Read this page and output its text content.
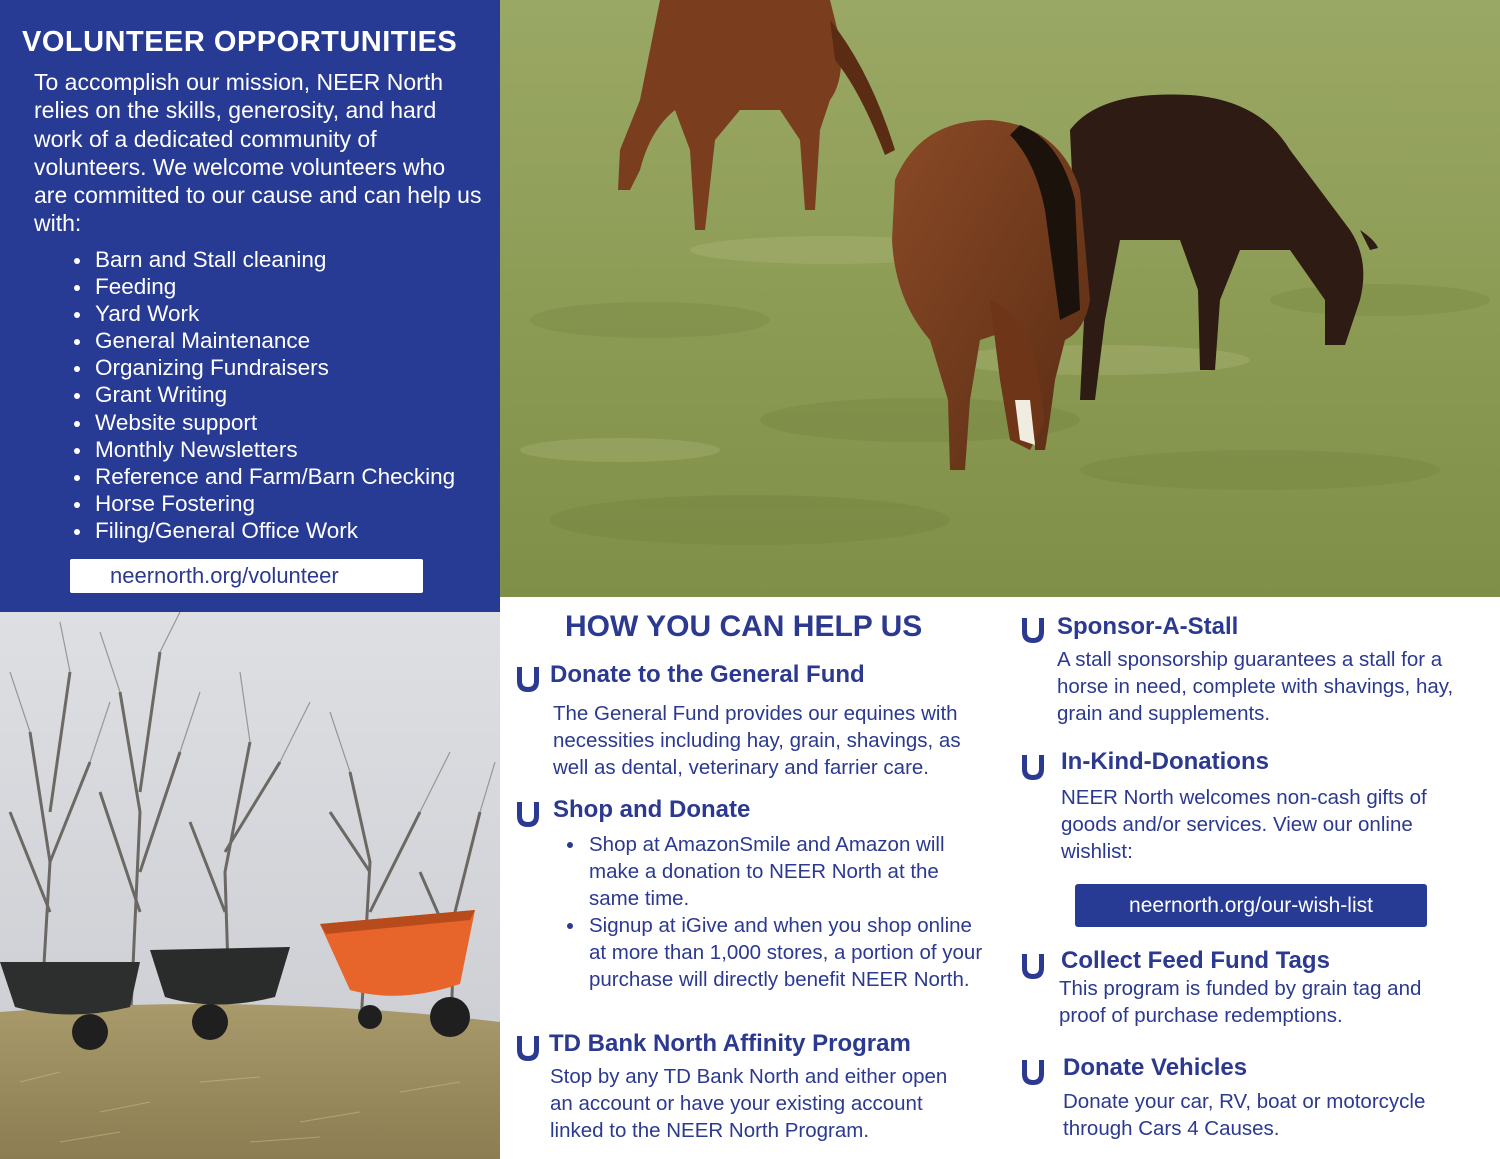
VOLUNTEER OPPORTUNITIES

To accomplish our mission, NEER North relies on the skills, generosity, and hard work of a dedicated community of volunteers. We welcome volunteers who are committed to our cause and can help us with:

Barn and Stall cleaning
Feeding
Yard Work
General Maintenance
Organizing Fundraisers
Grant Writing
Website support
Monthly Newsletters
Reference and Farm/Barn Checking
Horse Fostering
Filing/General Office Work
neernorth.org/volunteer
HOW YOU CAN HELP US
Donate to the General Fund

The General Fund provides our equines with necessities including hay, grain, shavings, as well as dental, veterinary and farrier care.

Shop and Donate
Shop at AmazonSmile and Amazon will make a donation to NEER North at the same time.
Signup at iGive and when you shop online at more than 1,000 stores, a portion of your purchase will directly benefit NEER North.
TD Bank North Affinity Program

Stop by any TD Bank North and either open an account or have your existing account linked to the NEER North Program.

Sponsor-A-Stall

A stall sponsorship guarantees a stall for a horse in need, complete with shavings, hay, grain and supplements.

In-Kind-Donations

NEER North welcomes non-cash gifts of goods and/or services. View our online wishlist:

neernorth.org/our-wish-list
Collect Feed Fund Tags

This program is funded by grain tag and proof of purchase redemptions.

Donate Vehicles

Donate your car, RV, boat or motorcycle through Cars 4 Causes.
